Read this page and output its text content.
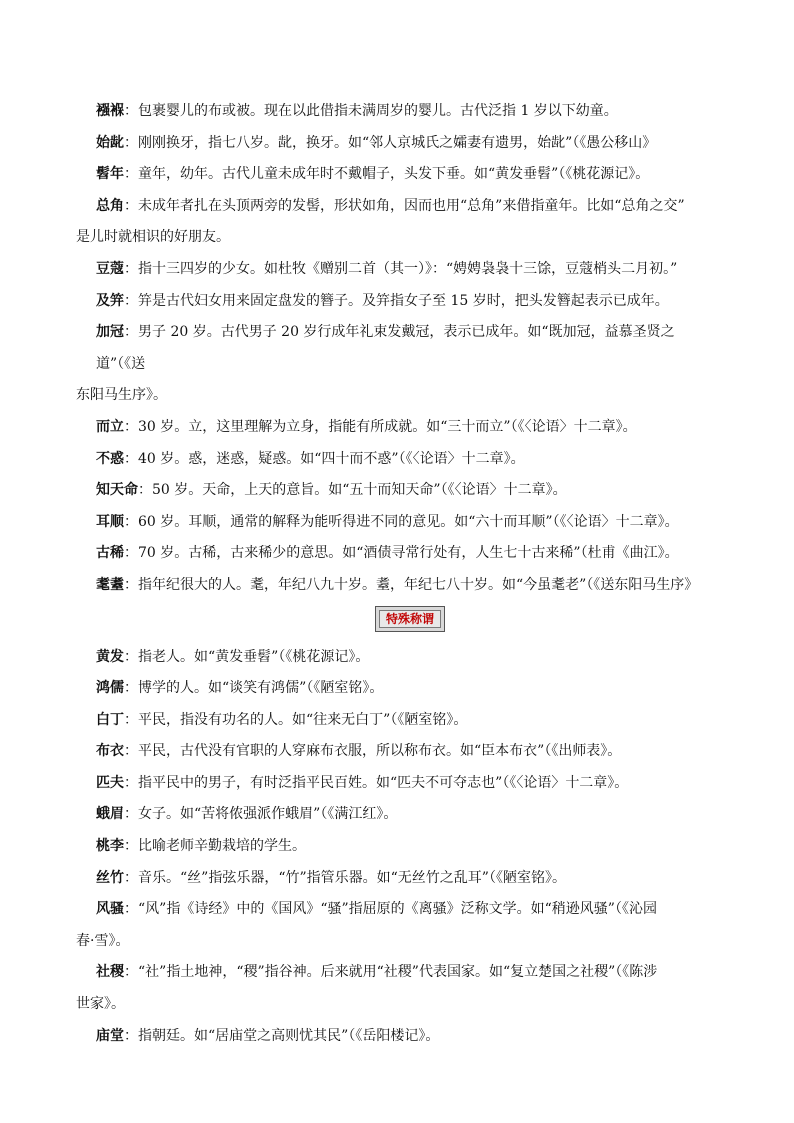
襁褓：包裹婴儿的布或被。现在以此借指未满周岁的婴儿。古代泛指 1 岁以下幼童。

始龀：刚刚换牙，指七八岁。龀，换牙。如“邻人京城氏之孀妻有遗男，始龀”（《愚公移山》

髫年：童年，幼年。古代儿童未成年时不戴帽子，头发下垂。如“黄发垂髫”（《桃花源记》。

总角：未成年者扎在头顶两旁的发髻，形状如角，因而也用“总角”来借指童年。比如“总角之交”
是儿时就相识的好朋友。

豆蔻：指十三四岁的少女。如杜牧《赠别二首（其一）》：“娉娉袅袅十三馀，豆蔻梢头二月初。”

及笄：笄是古代妇女用来固定盘发的簪子。及笄指女子至 15 岁时，把头发簪起表示已成年。

加冠：男子 20 岁。古代男子 20 岁行成年礼束发戴冠，表示已成年。如“既加冠，益慕圣贤之道”（《送
东阳马生序》。

而立：30 岁。立，这里理解为立身，指能有所成就。如“三十而立”（《〈论语〉十二章》。

不惑：40 岁。惑，迷惑，疑惑。如“四十而不惑”（《〈论语〉十二章》。

知天命：50 岁。天命，上天的意旨。如“五十而知天命”（《〈论语〉十二章》。

耳顺：60 岁。耳顺，通常的解释为能听得进不同的意见。如“六十而耳顺”（《〈论语〉十二章》。

古稀：70 岁。古稀，古来稀少的意思。如“酒债寻常行处有，人生七十古来稀”（杜甫《曲江》。

耄耋：指年纪很大的人。耄，年纪八九十岁。耋，年纪七八十岁。如“今虽耄老”（《送东阳马生序》

特殊称谓

黄发：指老人。如“黄发垂髫”（《桃花源记》。

鸿儒：博学的人。如“谈笑有鸿儒”（《陋室铭》。

白丁：平民，指没有功名的人。如“往来无白丁”（《陋室铭》。

布衣：平民，古代没有官职的人穿麻布衣服，所以称布衣。如“臣本布衣”（《出师表》。

匹夫：指平民中的男子，有时泛指平民百姓。如“匹夫不可夺志也”（《〈论语〉十二章》。

蛾眉：女子。如“苦将侬强派作蛾眉”（《满江红》。

桃李：比喻老师辛勤栽培的学生。

丝竹：音乐。“丝”指弦乐器，“竹”指管乐器。如“无丝竹之乱耳”（《陋室铭》。

风骚：“风”指《诗经》中的《国风》“骚”指屈原的《离骚》泛称文学。如“稍逊风骚”（《沁园
春·雪》。

社稷：“社”指土地神，“稷”指谷神。后来就用“社稷”代表国家。如“复立楚国之社稷”（《陈涉
世家》。

庙堂：指朝廷。如“居庙堂之高则忧其民”（《岳阳楼记》。
